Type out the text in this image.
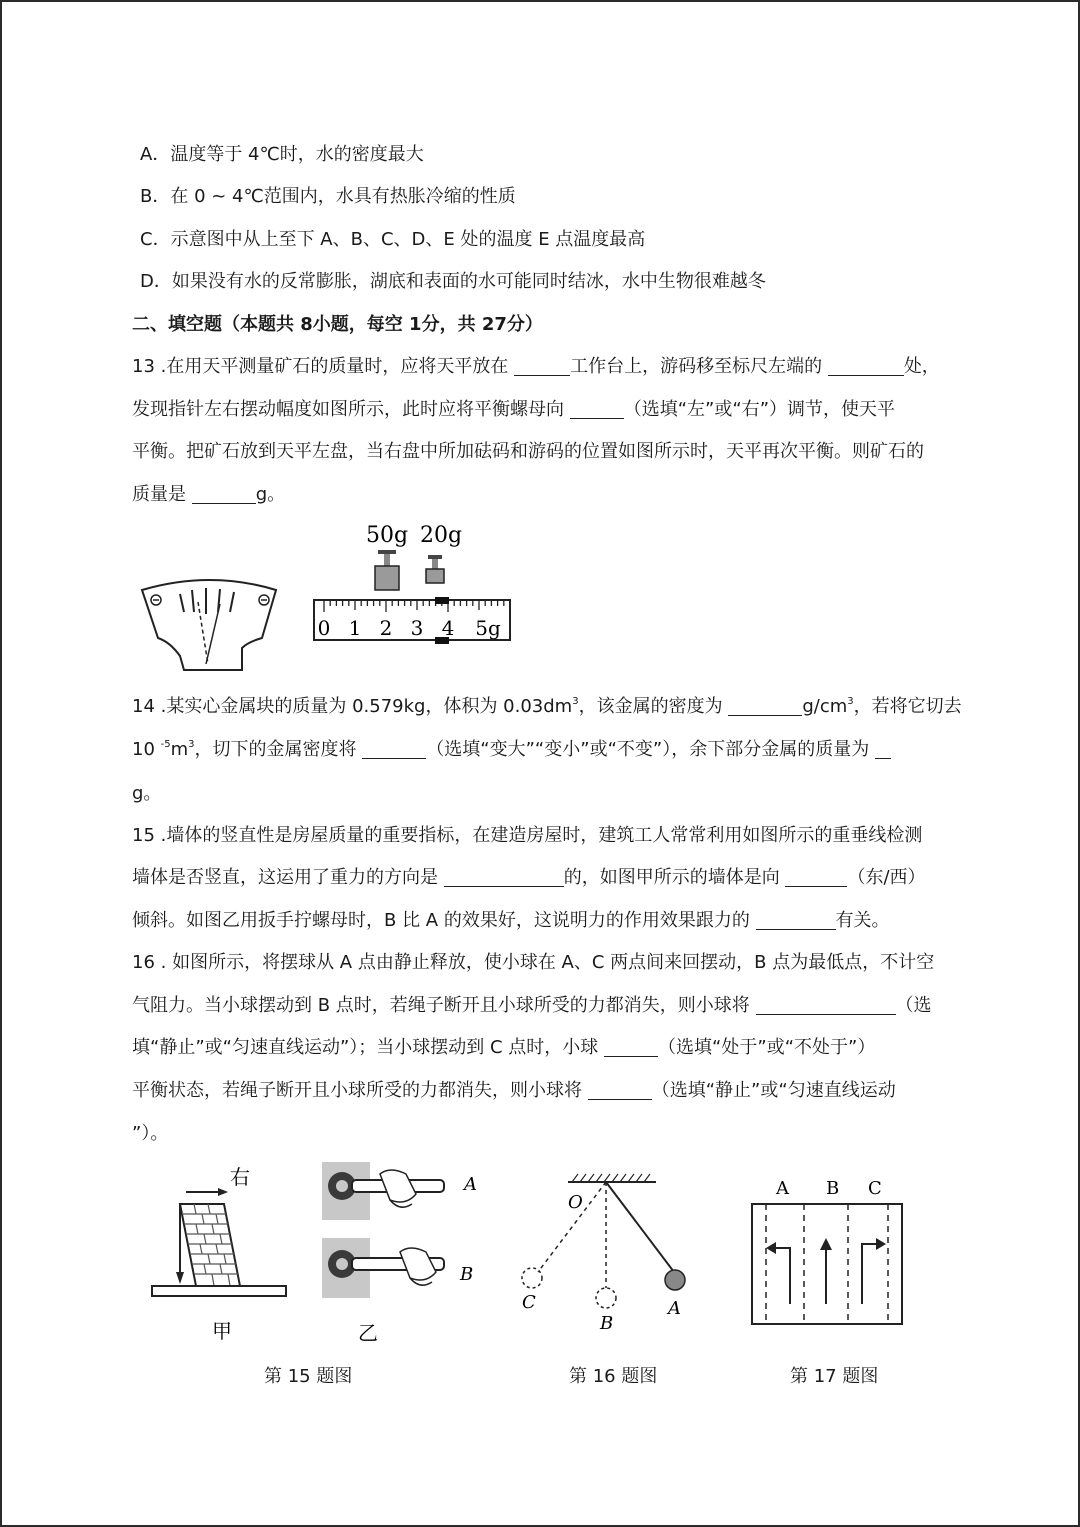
A．温度等于 4℃时，水的密度最大
B．在 0 ~ 4℃范围内，水具有热胀冷缩的性质
C．示意图中从上至下 A、B、C、D、E 处的温度 E 点温度最高
D．如果没有水的反常膨胀，湖底和表面的水可能同时结冰，水中生物很难越冬
二、填空题（本题共 8小题，每空 1分，共 27分）
13 .在用天平测量矿石的质量时，应将天平放在	工作台上，游码移至标尺左端的	处，
发现指针左右摆动幅度如图所示，此时应将平衡螺母向	（选填“左”或“右”）调节，使天平
平衡。把矿石放到天平左盘，当右盘中所加砝码和游码的位置如图所示时，天平再次平衡。则矿石的
质量是	g。
50g 20g
0 1 2 3 4 5g
14 .某实心金属块的质量为 0.579kg，体积为 $0.03dm^3$，该金属的密度为	$g/cm^3$，若将它切去
10 $^{-5}m^3$，切下的金属密度将	（选填“变大”“变小”或“不变”），余下部分金属的质量为
g。
15 .墙体的竖直性是房屋质量的重要指标，在建造房屋时，建筑工人常常利用如图所示的重垂线检测
墙体是否竖直，这运用了重力的方向是	的，如图甲所示的墙体是向	（东/西）
倾斜。如图乙用扳手拧螺母时，B 比 A 的效果好，这说明力的作用效果跟力的	有关。
16 . 如图所示，将摆球从 A 点由静止释放，使小球在 A、C 两点间来回摆动，B 点为最低点，不计空
气阻力。当小球摆动到 B 点时，若绳子断开且小球所受的力都消失，则小球将	（选
填“静止”或“匀速直线运动”）；当小球摆动到 C 点时，小球	（选填“处于”或“不处于”）
平衡状态，若绳子断开且小球所受的力都消失，则小球将	（选填“静止”或“匀速直线运动
”）。
右
甲
A
B
乙
O
A
B
C
A B C
第 15 题图	第 16 题图	第 17 题图
